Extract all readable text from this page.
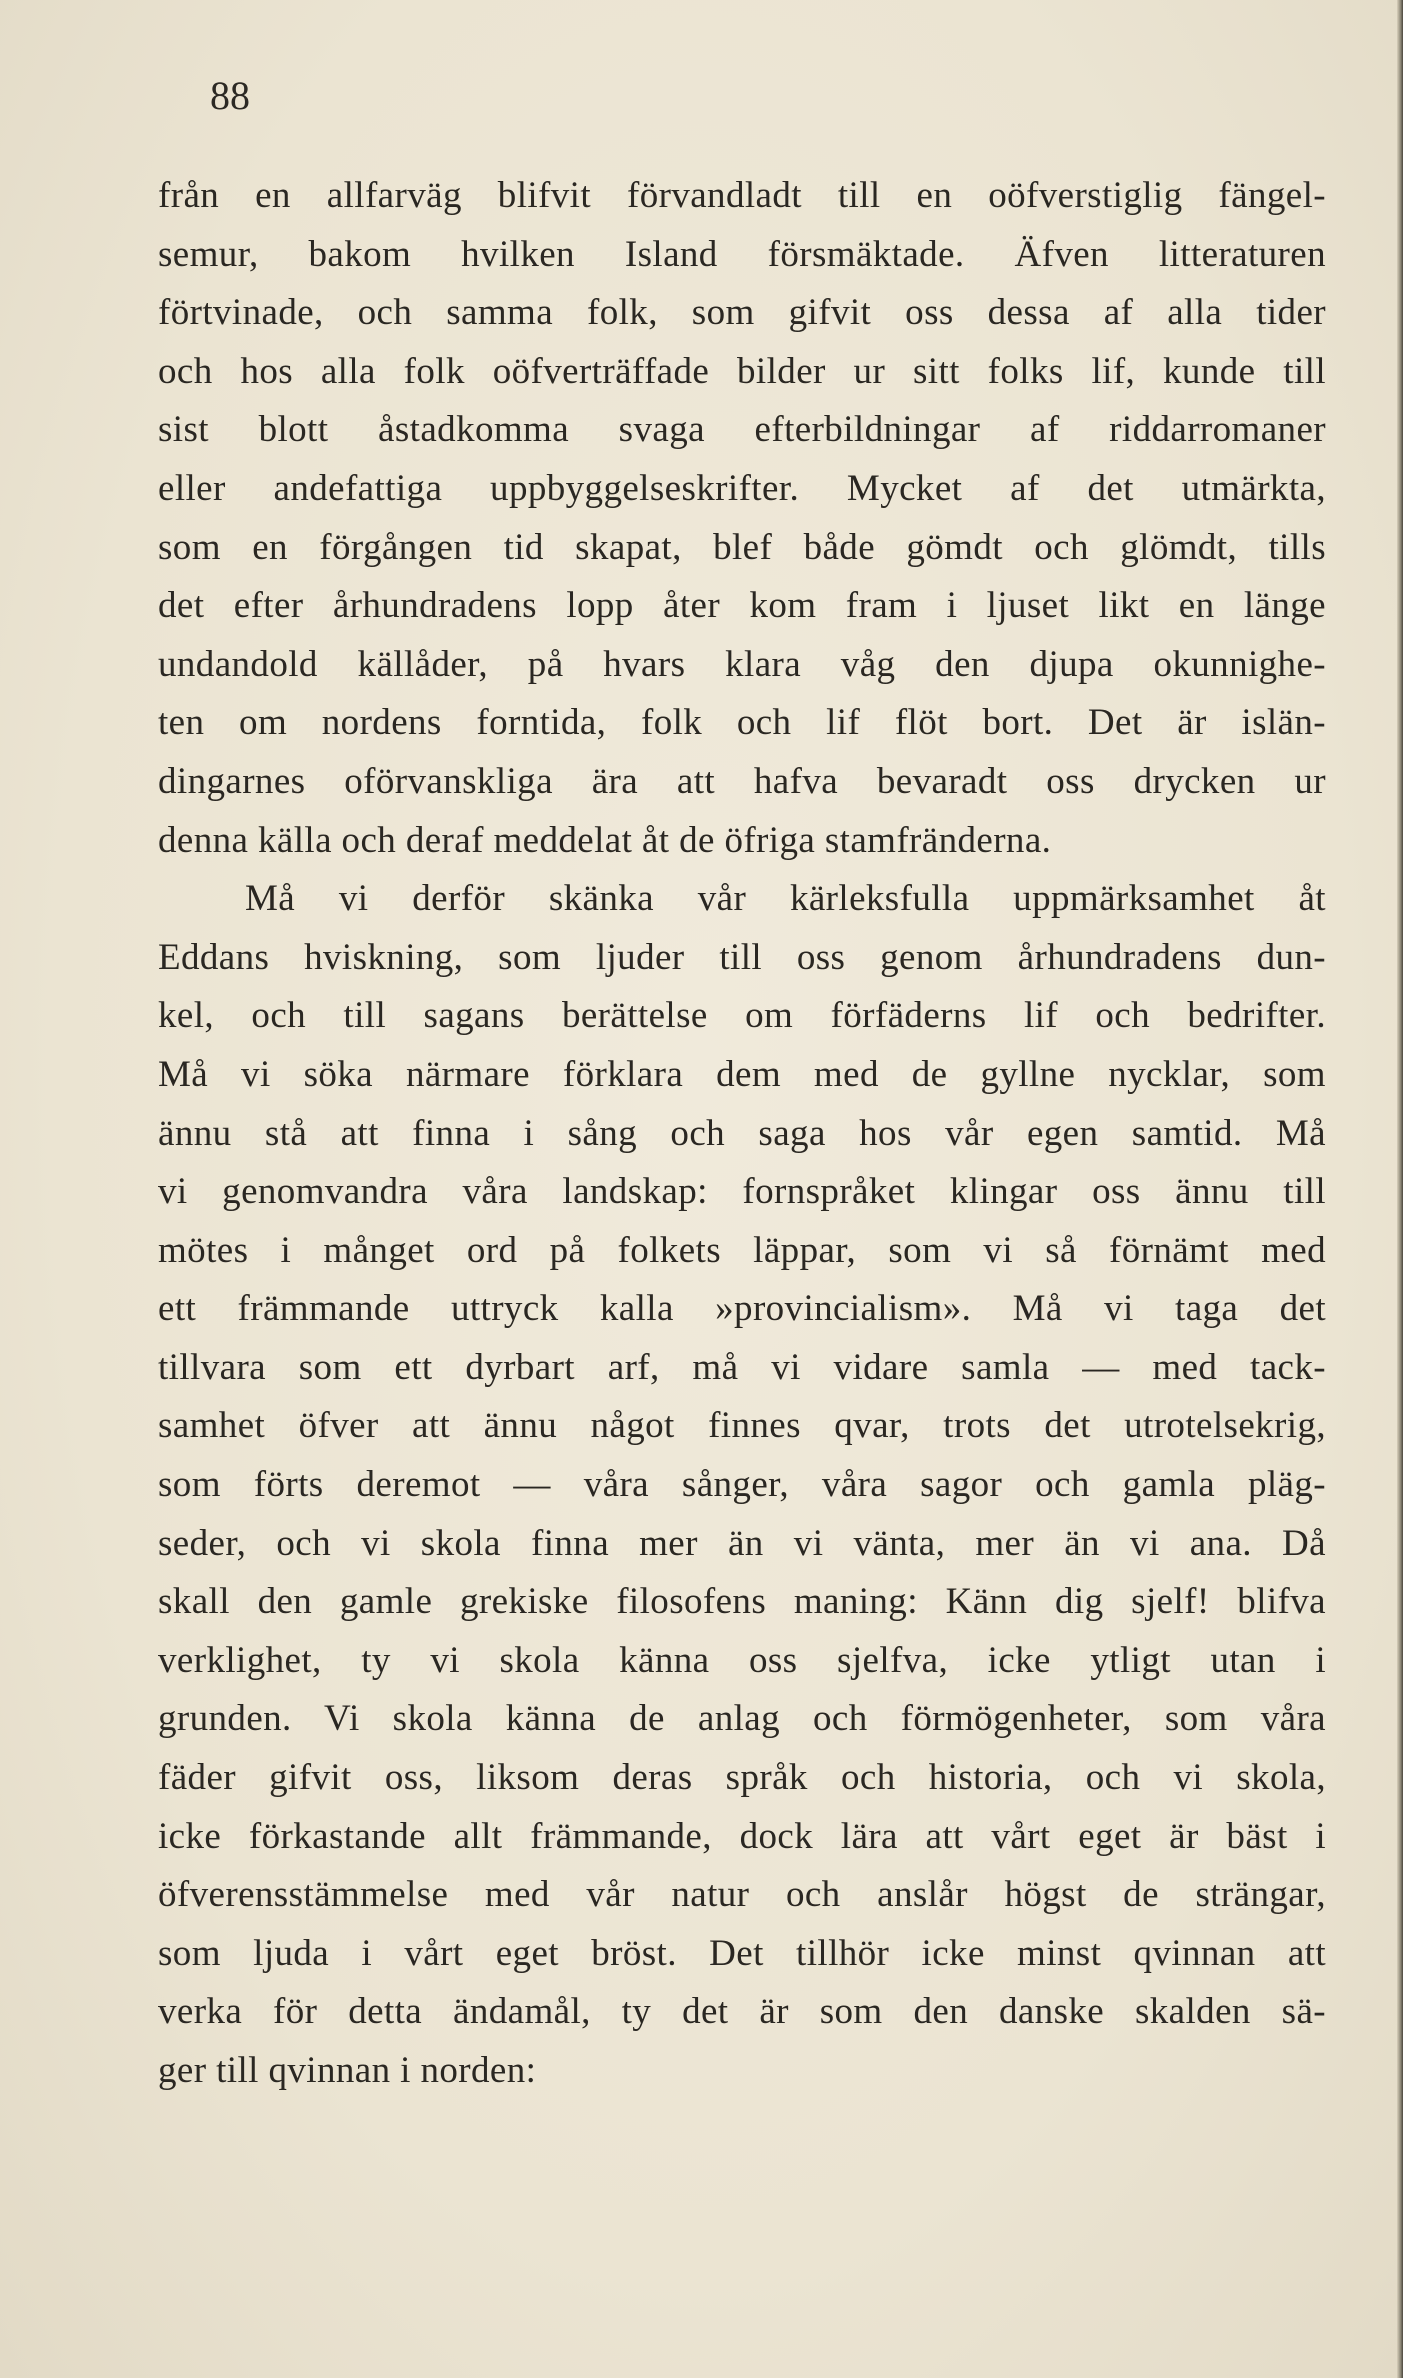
88

från en allfarväg blifvit förvandladt till en oöfverstiglig fängel-
semur, bakom hvilken Island försmäktade. Äfven litteraturen
förtvinade, och samma folk, som gifvit oss dessa af alla tider
och hos alla folk oöfverträffade bilder ur sitt folks lif, kunde till
sist blott åstadkomma svaga efterbildningar af riddarromaner
eller andefattiga uppbyggelseskrifter. Mycket af det utmärkta,
som en förgången tid skapat, blef både gömdt och glömdt, tills
det efter århundradens lopp åter kom fram i ljuset likt en länge
undandold källåder, på hvars klara våg den djupa okunnighe-
ten om nordens forntida, folk och lif flöt bort. Det är islän-
dingarnes oförvanskliga ära att hafva bevaradt oss drycken ur
denna källa och deraf meddelat åt de öfriga stamfränderna.
Må vi derför skänka vår kärleksfulla uppmärksamhet åt
Eddans hviskning, som ljuder till oss genom århundradens dun-
kel, och till sagans berättelse om förfäderns lif och bedrifter.
Må vi söka närmare förklara dem med de gyllne nycklar, som
ännu stå att finna i sång och saga hos vår egen samtid. Må
vi genomvandra våra landskap: fornspråket klingar oss ännu till
mötes i månget ord på folkets läppar, som vi så förnämt med
ett främmande uttryck kalla »provincialism». Må vi taga det
tillvara som ett dyrbart arf, må vi vidare samla — med tack-
samhet öfver att ännu något finnes qvar, trots det utrotelsekrig,
som förts deremot — våra sånger, våra sagor och gamla pläg-
seder, och vi skola finna mer än vi vänta, mer än vi ana. Då
skall den gamle grekiske filosofens maning: Känn dig sjelf! blifva
verklighet, ty vi skola känna oss sjelfva, icke ytligt utan i
grunden. Vi skola känna de anlag och förmögenheter, som våra
fäder gifvit oss, liksom deras språk och historia, och vi skola,
icke förkastande allt främmande, dock lära att vårt eget är bäst i
öfverensstämmelse med vår natur och anslår högst de strängar,
som ljuda i vårt eget bröst. Det tillhör icke minst qvinnan att
verka för detta ändamål, ty det är som den danske skalden sä-
ger till qvinnan i norden:
